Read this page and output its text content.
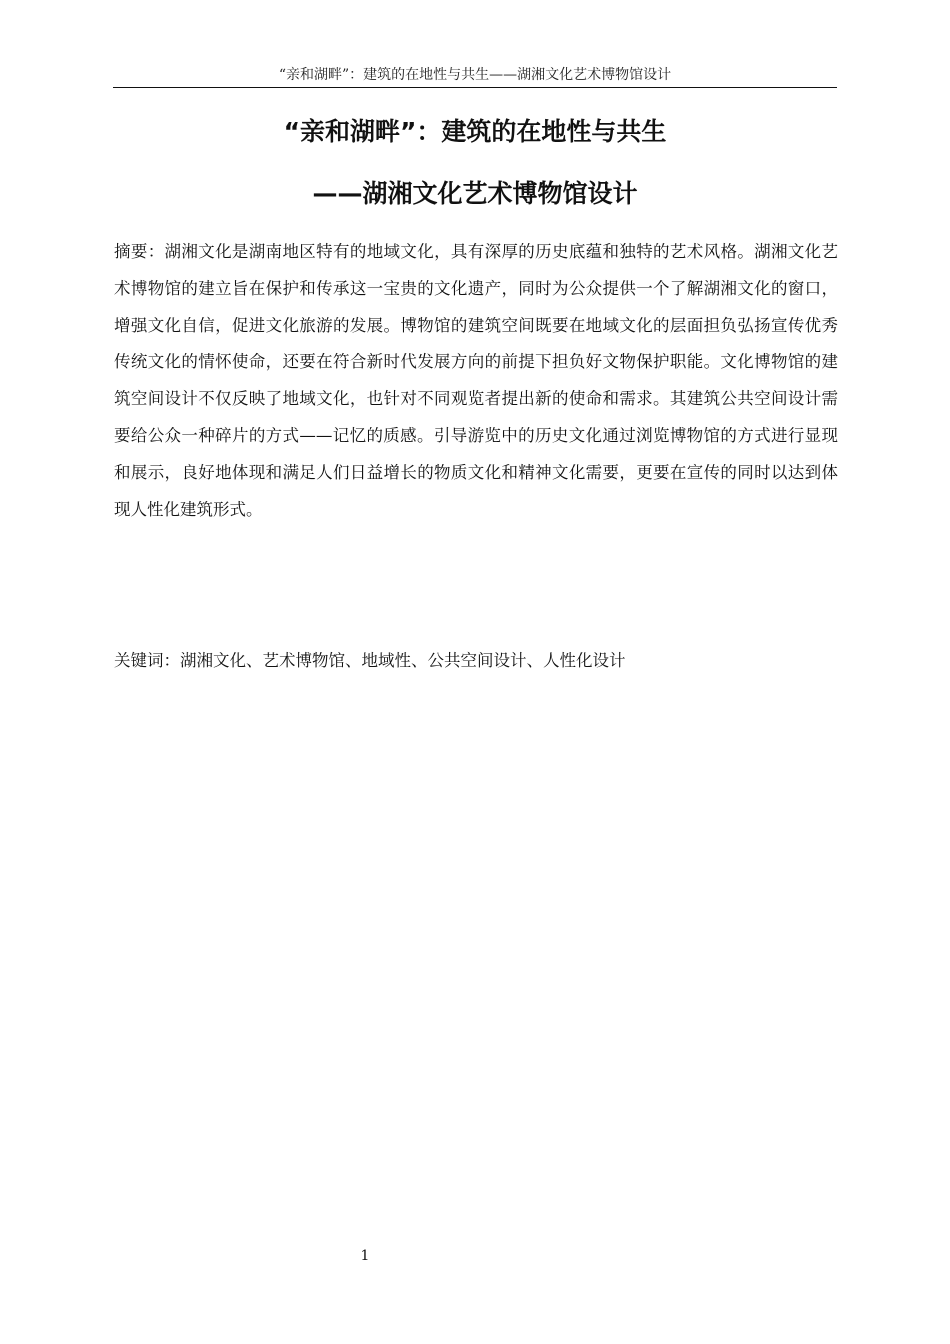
“亲和湖畔”：建筑的在地性与共生——湖湘文化艺术博物馆设计
“亲和湖畔”：建筑的在地性与共生
——湖湘文化艺术博物馆设计

摘要：湖湘文化是湖南地区特有的地域文化，具有深厚的历史底蕴和独特的艺术风格。湖湘文化艺术博物馆的建立旨在保护和传承这一宝贵的文化遗产，同时为公众提供一个了解湖湘文化的窗口，增强文化自信，促进文化旅游的发展。博物馆的建筑空间既要在地域文化的层面担负弘扬宣传优秀传统文化的情怀使命，还要在符合新时代发展方向的前提下担负好文物保护职能。文化博物馆的建筑空间设计不仅反映了地域文化，也针对不同观览者提出新的使命和需求。其建筑公共空间设计需要给公众一种碎片的方式——记忆的质感。引导游览中的历史文化通过浏览博物馆的方式进行显现和展示，良好地体现和满足人们日益增长的物质文化和精神文化需要，更要在宣传的同时以达到体现人性化建筑形式。

关键词：湖湘文化、艺术博物馆、地域性、公共空间设计、人性化设计

1
